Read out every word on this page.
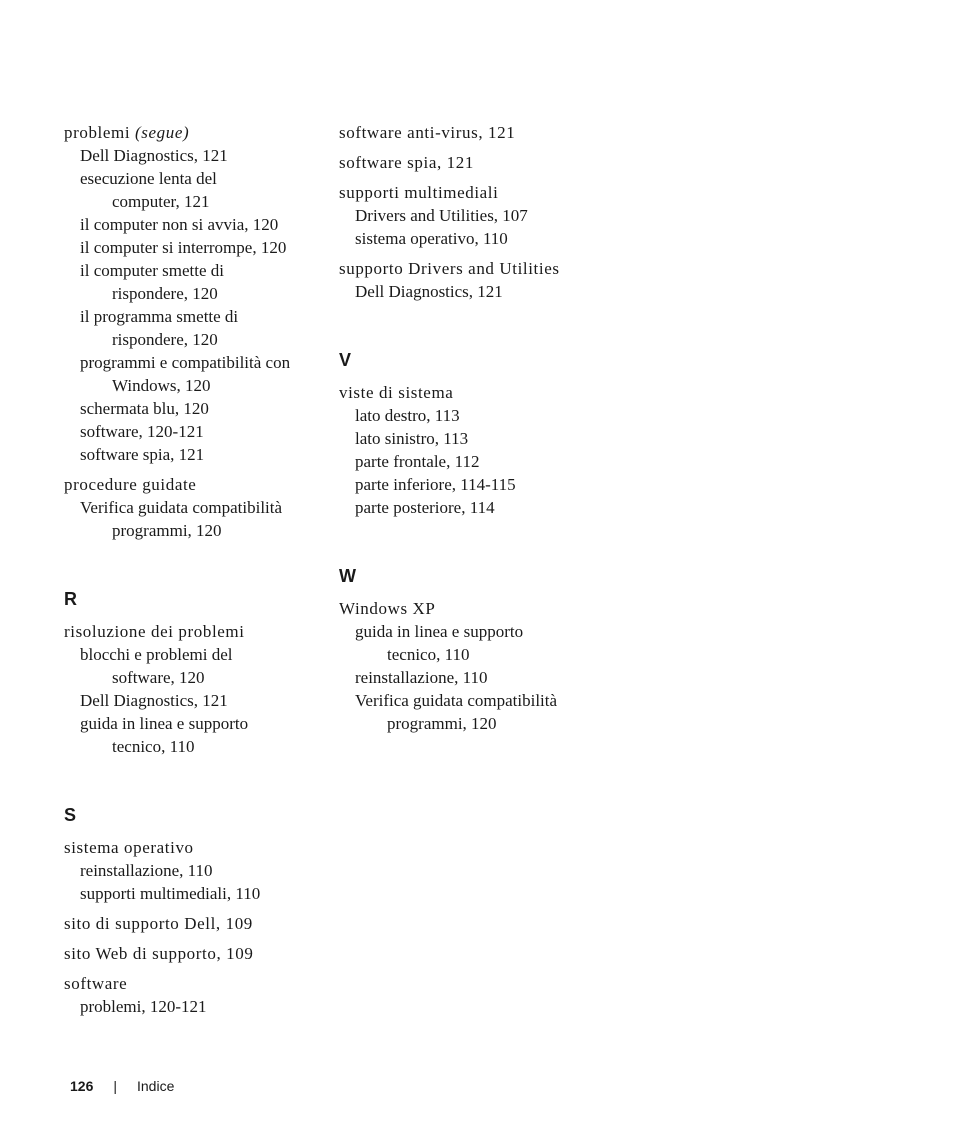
problemi (segue)
Dell Diagnostics, 121
esecuzione lenta del
computer, 121
il computer non si avvia, 120
il computer si interrompe, 120
il computer smette di
rispondere, 120
il programma smette di
rispondere, 120
programmi e compatibilità con
Windows, 120
schermata blu, 120
software, 120-121
software spia, 121
procedure guidate
Verifica guidata compatibilità
programmi, 120
R
risoluzione dei problemi
blocchi e problemi del
software, 120
Dell Diagnostics, 121
guida in linea e supporto
tecnico, 110
S
sistema operativo
reinstallazione, 110
supporti multimediali, 110
sito di supporto Dell, 109
sito Web di supporto, 109
software
problemi, 120-121
software anti-virus, 121
software spia, 121
supporti multimediali
Drivers and Utilities, 107
sistema operativo, 110
supporto Drivers and Utilities
Dell Diagnostics, 121
V
viste di sistema
lato destro, 113
lato sinistro, 113
parte frontale, 112
parte inferiore, 114-115
parte posteriore, 114
W
Windows XP
guida in linea e supporto
tecnico, 110
reinstallazione, 110
Verifica guidata compatibilità
programmi, 120
126 | Indice
